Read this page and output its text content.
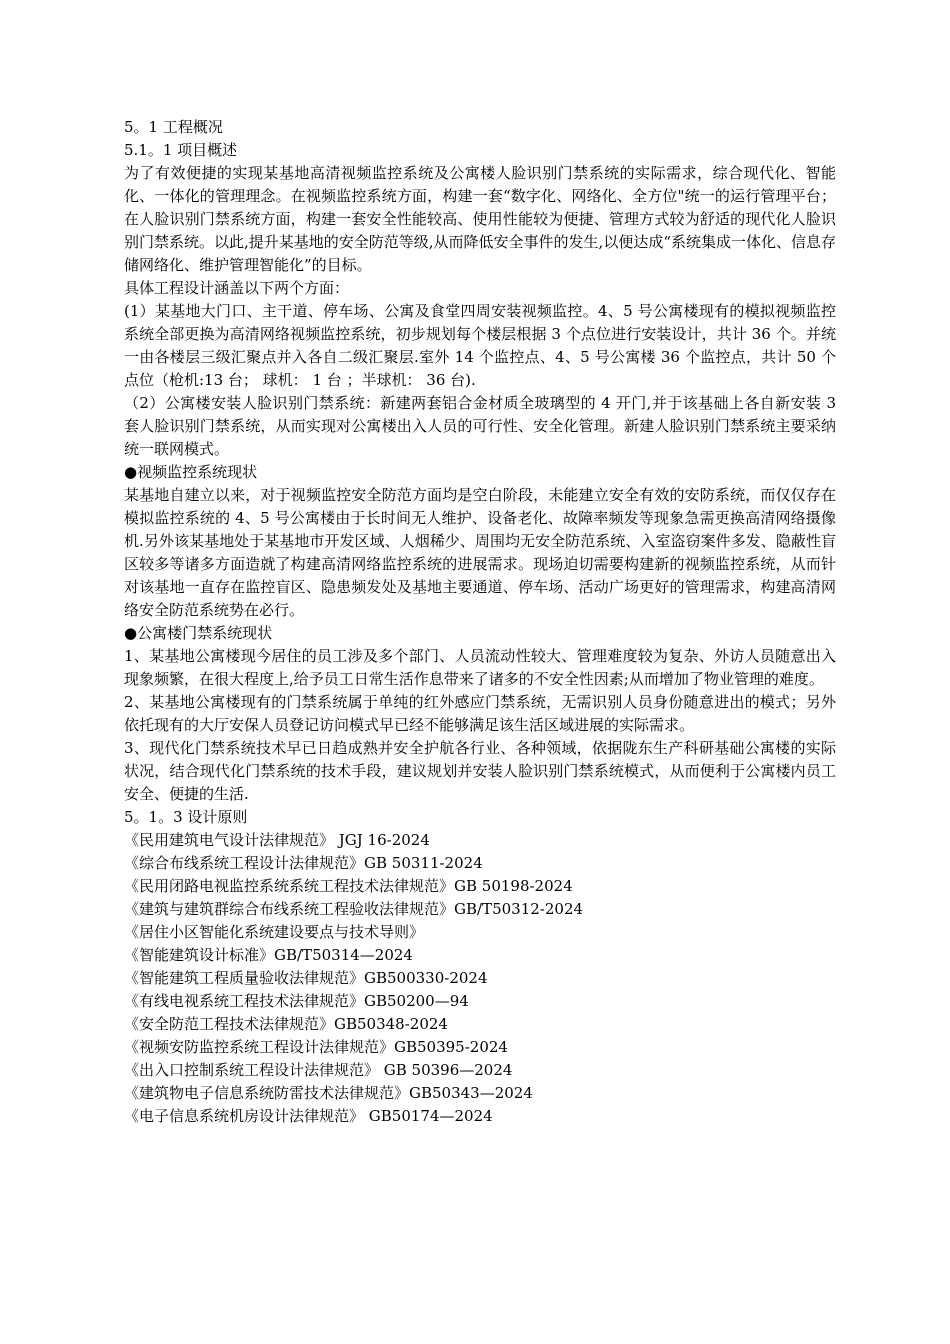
5。1 工程概况

5.1。1 项目概述

为了有效便捷的实现某基地高清视频监控系统及公寓楼人脸识别门禁系统的实际需求，综合现代化、智能化、一体化的管理理念。在视频监控系统方面，构建一套“数字化、网络化、全方位"统一的运行管理平台；在人脸识别门禁系统方面，构建一套安全性能较高、使用性能较为便捷、管理方式较为舒适的现代化人脸识别门禁系统。以此,提升某基地的安全防范等级,从而降低安全事件的发生,以便达成“系统集成一体化、信息存储网络化、维护管理智能化”的目标。

具体工程设计涵盖以下两个方面：

(1）某基地大门口、主干道、停车场、公寓及食堂四周安装视频监控。4、5 号公寓楼现有的模拟视频监控系统全部更换为高清网络视频监控系统，初步规划每个楼层根据 3 个点位进行安装设计，共计 36 个。并统一由各楼层三级汇聚点并入各自二级汇聚层.室外 14 个监控点、4、5 号公寓楼 36 个监控点，共计 50 个点位（枪机:13 台； 球机： 1 台 ；半球机： 36 台).

（2）公寓楼安装人脸识别门禁系统：新建两套铝合金材质全玻璃型的 4 开门,并于该基础上各自新安装 3 套人脸识别门禁系统，从而实现对公寓楼出入人员的可行性、安全化管理。新建人脸识别门禁系统主要采纳统一联网模式。

●视频监控系统现状

某基地自建立以来，对于视频监控安全防范方面均是空白阶段，未能建立安全有效的安防系统，而仅仅存在模拟监控系统的 4、5 号公寓楼由于长时间无人维护、设备老化、故障率频发等现象急需更换高清网络摄像机.另外该某基地处于某基地市开发区域、人烟稀少、周围均无安全防范系统、入室盗窃案件多发、隐蔽性盲区较多等诸多方面造就了构建高清网络监控系统的进展需求。现场迫切需要构建新的视频监控系统，从而针对该基地一直存在监控盲区、隐患频发处及基地主要通道、停车场、活动广场更好的管理需求，构建高清网络安全防范系统势在必行。

●公寓楼门禁系统现状

1、某基地公寓楼现今居住的员工涉及多个部门、人员流动性较大、管理难度较为复杂、外访人员随意出入现象频繁，在很大程度上,给予员工日常生活作息带来了诸多的不安全性因素;从而增加了物业管理的难度。

2、某基地公寓楼现有的门禁系统属于单纯的红外感应门禁系统，无需识别人员身份随意进出的模式；另外依托现有的大厅安保人员登记访问模式早已经不能够满足该生活区域进展的实际需求。

3、现代化门禁系统技术早已日趋成熟并安全护航各行业、各种领域，依据陇东生产科研基础公寓楼的实际状况，结合现代化门禁系统的技术手段，建议规划并安装人脸识别门禁系统模式，从而便利于公寓楼内员工安全、便捷的生活.

5。1。3 设计原则

《民用建筑电气设计法律规范》 JGJ 16-2024
《综合布线系统工程设计法律规范》GB 50311-2024
《民用闭路电视监控系统系统工程技术法律规范》GB 50198-2024
《建筑与建筑群综合布线系统工程验收法律规范》GB/T50312-2024
《居住小区智能化系统建设要点与技术导则》
《智能建筑设计标准》GB/T50314—2024
《智能建筑工程质量验收法律规范》GB500330-2024
《有线电视系统工程技术法律规范》GB50200—94
《安全防范工程技术法律规范》GB50348-2024
《视频安防监控系统工程设计法律规范》GB50395-2024
《出入口控制系统工程设计法律规范》 GB 50396—2024
《建筑物电子信息系统防雷技术法律规范》GB50343—2024
《电子信息系统机房设计法律规范》 GB50174—2024
